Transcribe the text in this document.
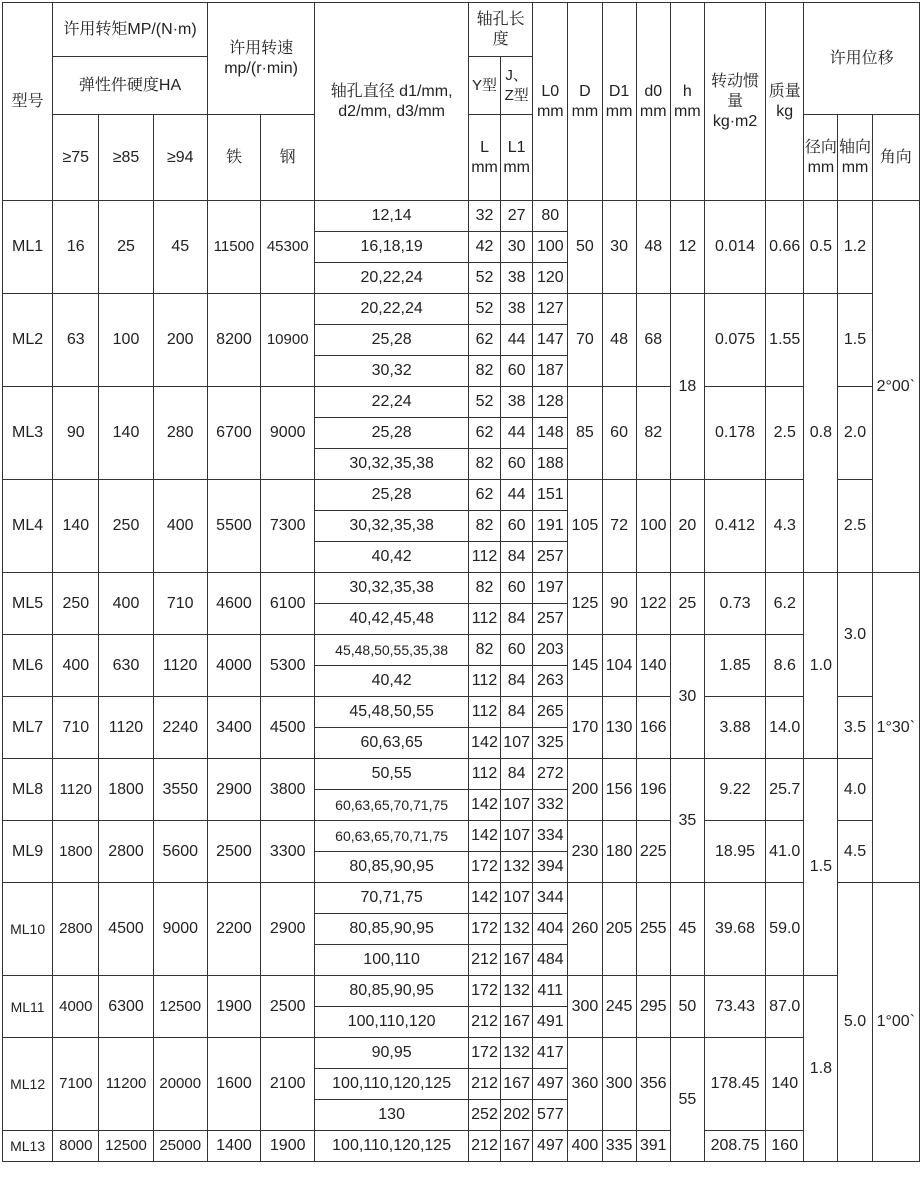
型号	许用转矩MP/(N·m)			许用转速 mp/(r·min)		轴孔直径 d1/mm, d2/mm, d3/mm	轴孔长度		L0 mm	D mm	D1 mm	d0 mm	h mm	转动惯量 kg·m2	质量 kg	许用位移		
	弹性件硬度HA						Y型	J、Z型										
	≥75	≥85	≥94	铁	钢		L mm	L1 mm								径向mm	轴向mm	角向
ML1	16	25	45	11500	45300	12,14	32	27	80	50	30	48	12	0.014	0.66	0.5	1.2	2°00`
						16,18,19	42	30	100									
						20,22,24	52	38	120									
ML2	63	100	200	8200	10900	20,22,24	52	38	127	70	48	68	18	0.075	1.55	0.8	1.5	
						25,28	62	44	147									
						30,32	82	60	187									
ML3	90	140	280	6700	9000	22,24	52	38	128	85	60	82		0.178	2.5		2.0	
						25,28	62	44	148									
						30,32,35,38	82	60	188									
ML4	140	250	400	5500	7300	25,28	62	44	151	105	72	100	20	0.412	4.3		2.5	
						30,32,35,38	82	60	191									
						40,42	112	84	257									
ML5	250	400	710	4600	6100	30,32,35,38	82	60	197	125	90	122	25	0.73	6.2	1.0	3.0	1°30`
						40,42,45,48	112	84	257									
ML6	400	630	1120	4000	5300	45,48,50,55,35,38	82	60	203	145	104	140	30	1.85	8.6			
						40,42	112	84	263									
ML7	710	1120	2240	3400	4500	45,48,50,55	112	84	265	170	130	166		3.88	14.0		3.5	
						60,63,65	142	107	325									
ML8	1120	1800	3550	2900	3800	50,55	112	84	272	200	156	196	35	9.22	25.7	1.5	4.0	
						60,63,65,70,71,75	142	107	332									
ML9	1800	2800	5600	2500	3300	60,63,65,70,71,75	142	107	334	230	180	225		18.95	41.0		4.5	
						80,85,90,95	172	132	394									
ML10	2800	4500	9000	2200	2900	70,71,75	142	107	344	260	205	255	45	39.68	59.0		5.0	1°00`
						80,85,90,95	172	132	404									
						100,110	212	167	484									
ML11	4000	6300	12500	1900	2500	80,85,90,95	172	132	411	300	245	295	50	73.43	87.0	1.8		
						100,110,120	212	167	491									
ML12	7100	11200	20000	1600	2100	90,95	172	132	417	360	300	356	55	178.45	140			
						100,110,120,125	212	167	497									
						130	252	202	577									
ML13	8000	12500	25000	1400	1900	100,110,120,125	212	167	497	400	335	391		208.75	160			
